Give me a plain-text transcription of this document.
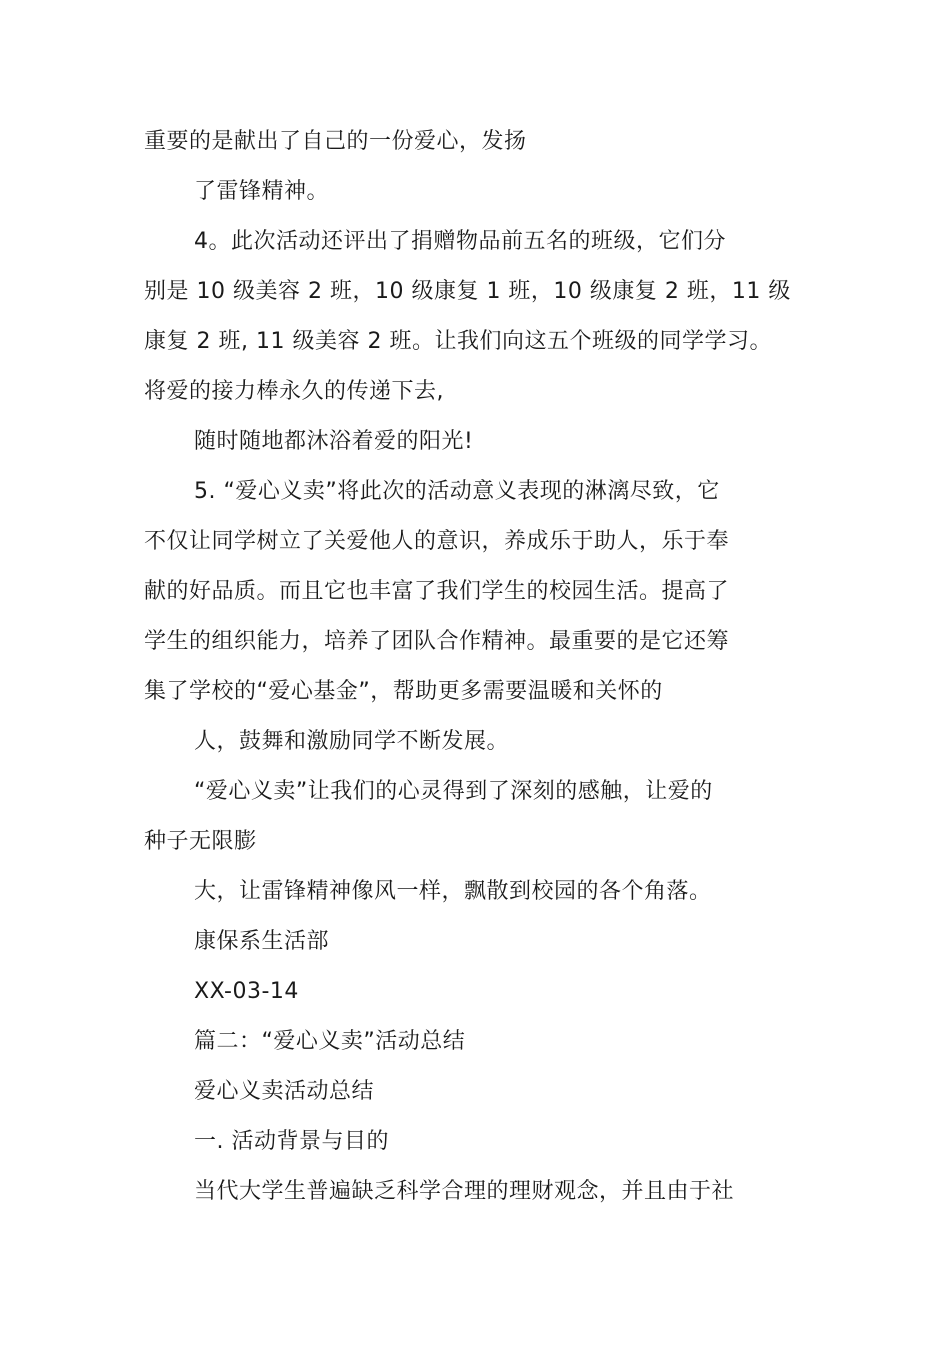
重要的是献出了自己的一份爱心，发扬
了雷锋精神。
4。此次活动还评出了捐赠物品前五名的班级，它们分
别是 10 级美容 2 班，10 级康复 1 班，10 级康复 2 班，11 级
康复 2 班, 11 级美容 2 班。让我们向这五个班级的同学学习。
将爱的接力棒永久的传递下去,
随时随地都沐浴着爱的阳光!
5. “爱心义卖”将此次的活动意义表现的淋漓尽致，它
不仅让同学树立了关爱他人的意识，养成乐于助人，乐于奉
献的好品质。而且它也丰富了我们学生的校园生活。提高了
学生的组织能力，培养了团队合作精神。最重要的是它还筹
集了学校的“爱心基金”，帮助更多需要温暖和关怀的
人，鼓舞和激励同学不断发展。
“爱心义卖”让我们的心灵得到了深刻的感触，让爱的
种子无限膨
大，让雷锋精神像风一样，飘散到校园的各个角落。
康保系生活部
XX-03-14
篇二：“爱心义卖”活动总结
爱心义卖活动总结
一. 活动背景与目的
当代大学生普遍缺乏科学合理的理财观念，并且由于社
